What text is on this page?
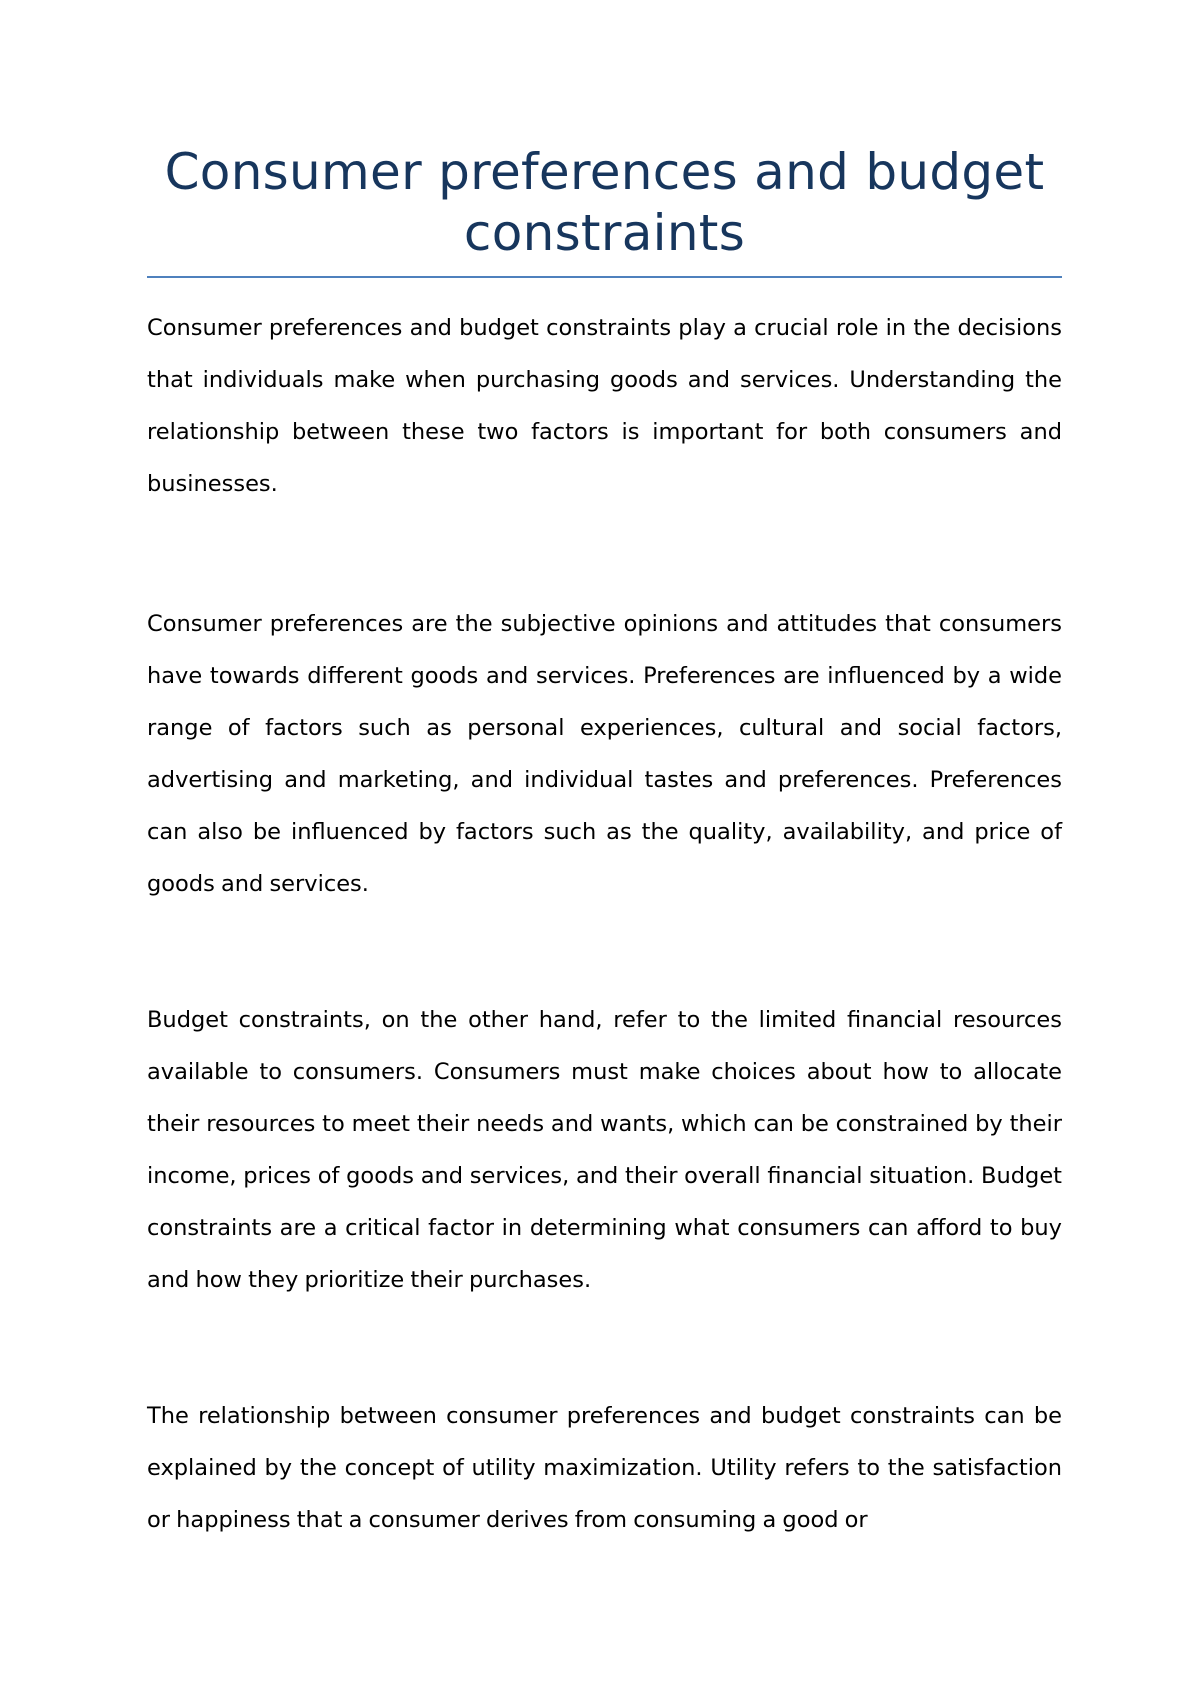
Consumer preferences and budget constraints

Consumer preferences and budget constraints play a crucial role in the decisions that individuals make when purchasing goods and services. Understanding the relationship between these two factors is important for both consumers and businesses.

Consumer preferences are the subjective opinions and attitudes that consumers have towards different goods and services. Preferences are influenced by a wide range of factors such as personal experiences, cultural and social factors, advertising and marketing, and individual tastes and preferences. Preferences can also be influenced by factors such as the quality, availability, and price of goods and services.

Budget constraints, on the other hand, refer to the limited financial resources available to consumers. Consumers must make choices about how to allocate their resources to meet their needs and wants, which can be constrained by their income, prices of goods and services, and their overall financial situation. Budget constraints are a critical factor in determining what consumers can afford to buy and how they prioritize their purchases.

The relationship between consumer preferences and budget constraints can be explained by the concept of utility maximization. Utility refers to the satisfaction or happiness that a consumer derives from consuming a good or
